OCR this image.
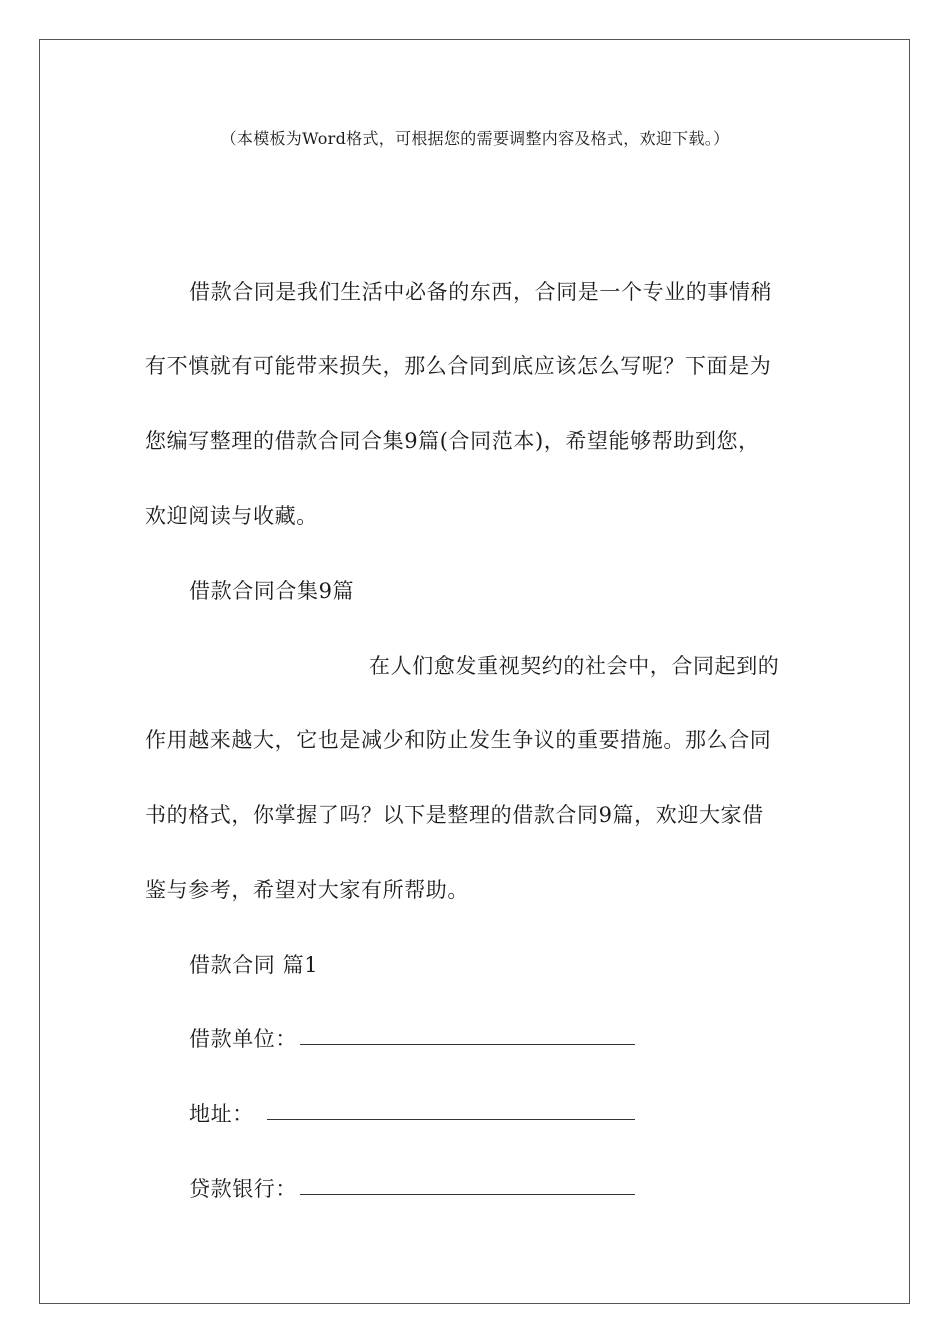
（本模板为Word格式，可根据您的需要调整内容及格式，欢迎下载。）
借款合同是我们生活中必备的东西，合同是一个专业的事情稍
有不慎就有可能带来损失，那么合同到底应该怎么写呢？下面是为
您编写整理的借款合同合集9篇(合同范本)，希望能够帮助到您，
欢迎阅读与收藏。
借款合同合集9篇
在人们愈发重视契约的社会中，合同起到的
作用越来越大，它也是减少和防止发生争议的重要措施。那么合同
书的格式，你掌握了吗？以下是整理的借款合同9篇，欢迎大家借
鉴与参考，希望对大家有所帮助。
借款合同 篇1
借款单位：
地址：
贷款银行：
